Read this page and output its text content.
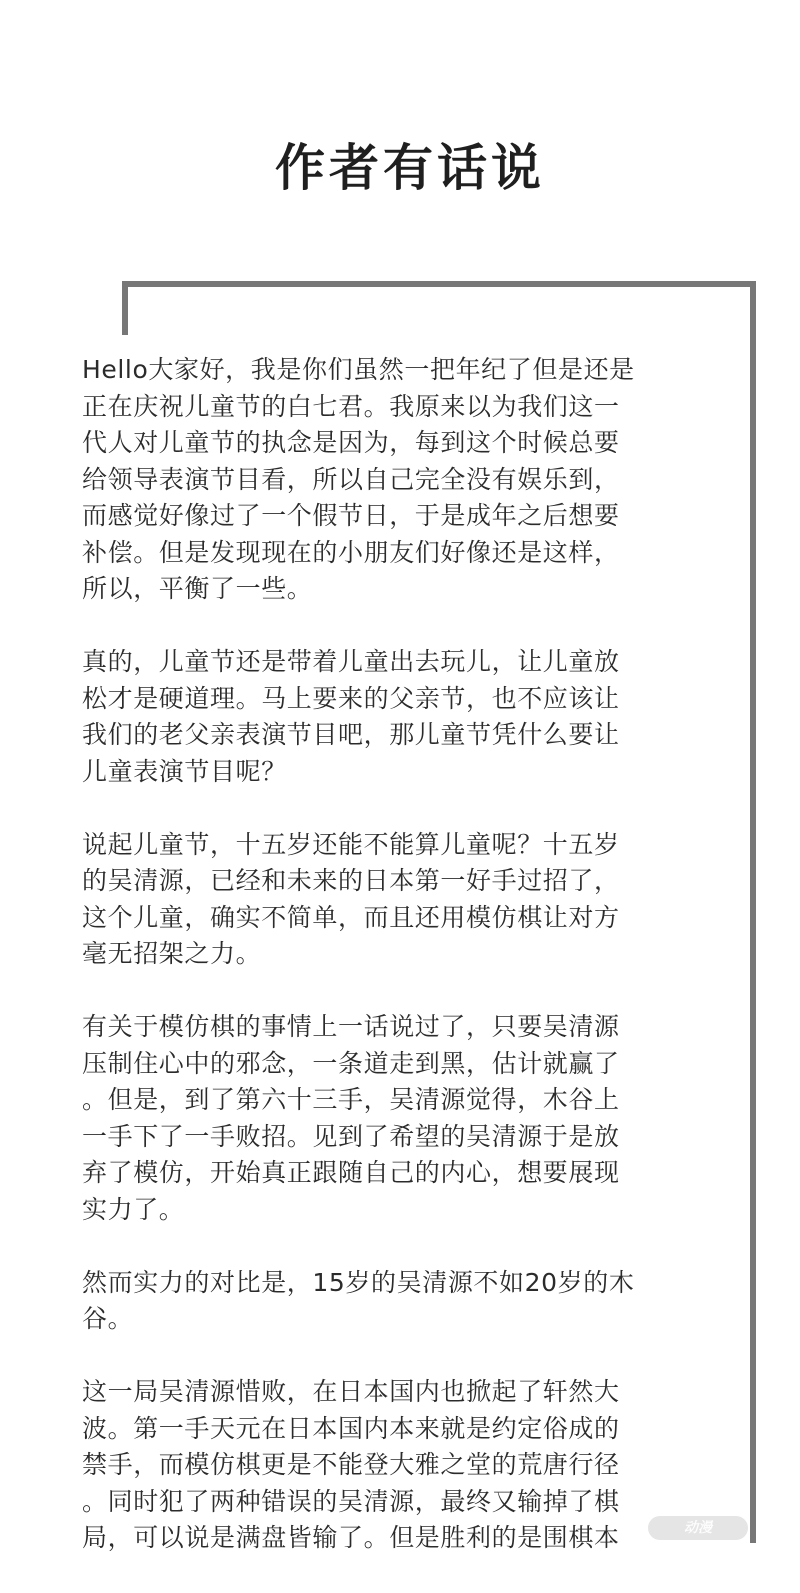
作者有话说

Hello大家好，我是你们虽然一把年纪了但是还是
正在庆祝儿童节的白七君。我原来以为我们这一
代人对儿童节的执念是因为，每到这个时候总要
给领导表演节目看，所以自己完全没有娱乐到，
而感觉好像过了一个假节日，于是成年之后想要
补偿。但是发现现在的小朋友们好像还是这样，
所以，平衡了一些。

真的，儿童节还是带着儿童出去玩儿，让儿童放
松才是硬道理。马上要来的父亲节，也不应该让
我们的老父亲表演节目吧，那儿童节凭什么要让
儿童表演节目呢？

说起儿童节，十五岁还能不能算儿童呢？十五岁
的吴清源，已经和未来的日本第一好手过招了，
这个儿童，确实不简单，而且还用模仿棋让对方
毫无招架之力。

有关于模仿棋的事情上一话说过了，只要吴清源
压制住心中的邪念，一条道走到黑，估计就赢了
。但是，到了第六十三手，吴清源觉得，木谷上
一手下了一手败招。见到了希望的吴清源于是放
弃了模仿，开始真正跟随自己的内心，想要展现
实力了。

然而实力的对比是，15岁的吴清源不如20岁的木
谷。

这一局吴清源惜败，在日本国内也掀起了轩然大
波。第一手天元在日本国内本来就是约定俗成的
禁手，而模仿棋更是不能登大雅之堂的荒唐行径
。同时犯了两种错误的吴清源，最终又输掉了棋
局，可以说是满盘皆输了。但是胜利的是围棋本	动漫
